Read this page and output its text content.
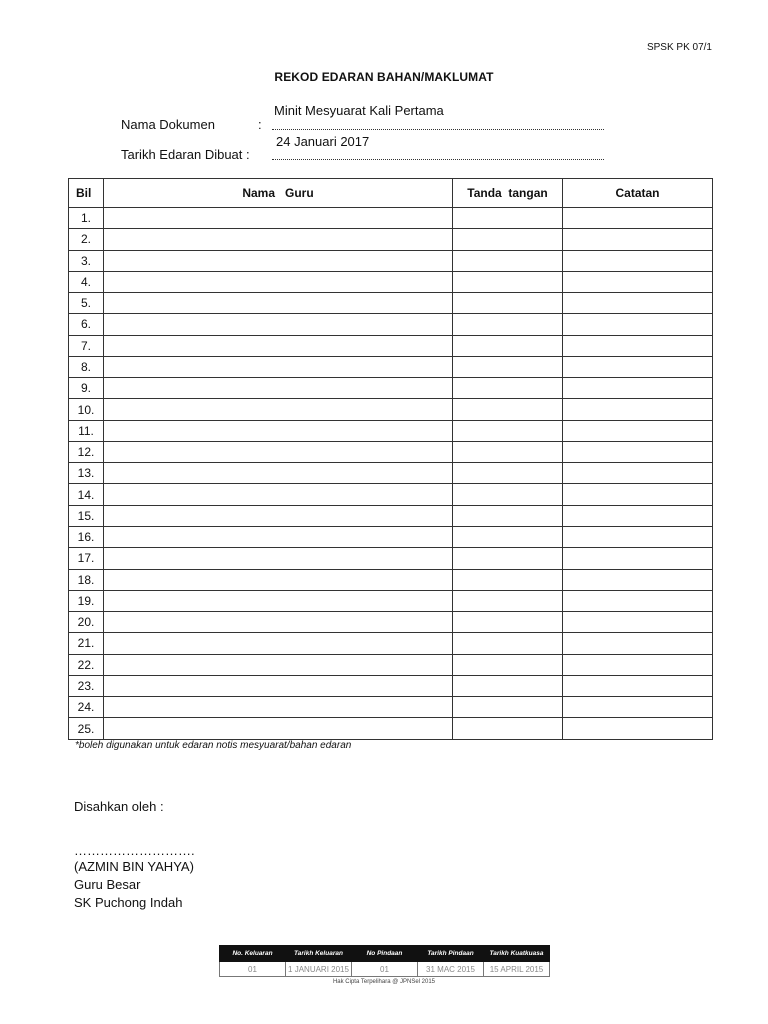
SPSK PK 07/1
REKOD EDARAN BAHAN/MAKLUMAT
Minit Mesyuarat Kali Pertama
Nama Dokumen	:
24 Januari 2017
Tarikh Edaran Dibuat :
Bil	Nama   Guru	Tanda  tangan	Catatan
1.			
2.			
3.			
4.			
5.			
6.			
7.			
8.			
9.			
10.			
11.			
12.			
13.			
14.			
15.			
16.			
17.			
18.			
19.			
20.			
21.			
22.			
23.			
24.			
25.			
*boleh digunakan untuk edaran notis mesyuarat/bahan edaran
Disahkan oleh :
……………………….
(AZMIN BIN YAHYA)
Guru Besar
SK Puchong Indah
No. Keluaran	Tarikh Keluaran	No Pindaan	Tarikh Pindaan	Tarikh Kuatkuasa
01	1 JANUARI 2015	01	31 MAC 2015	15 APRIL 2015
Hak Cipta Terpelihara @ JPNSel 2015
